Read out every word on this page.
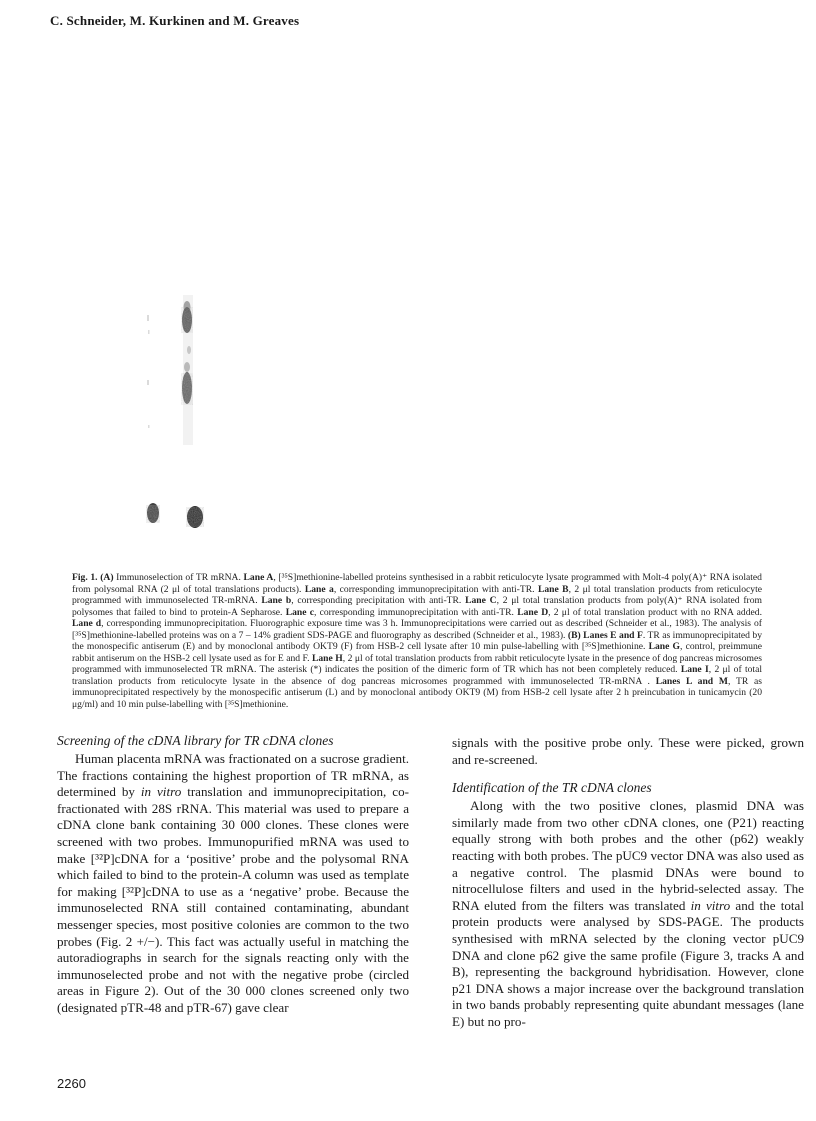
C. Schneider, M. Kurkinen and M. Greaves

Fig. 1. (A) Immunoselection of TR mRNA. Lane A, [³⁵S]methionine-labelled proteins synthesised in a rabbit reticulocyte lysate programmed with Molt-4 poly(A)⁺ RNA isolated from polysomal RNA (2 μl of total translations products). Lane a, corresponding immunoprecipitation with anti-TR. Lane B, 2 μl total translation products from reticulocyte programmed with immunoselected TR-mRNA. Lane b, corresponding precipitation with anti-TR. Lane C, 2 μl total translation products from poly(A)⁺ RNA isolated from polysomes that failed to bind to protein-A Sepharose. Lane c, corresponding immunoprecipitation with anti-TR. Lane D, 2 μl of total translation product with no RNA added. Lane d, corresponding immunoprecipitation. Fluorographic exposure time was 3 h. Immunoprecipitations were carried out as described (Schneider et al., 1983). The analysis of [³⁵S]methionine-labelled proteins was on a 7 – 14% gradient SDS-PAGE and fluorography as described (Schneider et al., 1983). (B) Lanes E and F. TR as immunoprecipitated by the monospecific antiserum (E) and by monoclonal antibody OKT9 (F) from HSB-2 cell lysate after 10 min pulse-labelling with [³⁵S]methionine. Lane G, control, preimmune rabbit antiserum on the HSB-2 cell lysate used as for E and F. Lane H, 2 μl of total translation products from rabbit reticulocyte lysate in the presence of dog pancreas microsomes programmed with immunoselected TR mRNA. The asterisk (*) indicates the position of the dimeric form of TR which has not been completely reduced. Lane I, 2 μl of total translation products from reticulocyte lysate in the absence of dog pancreas microsomes programmed with immunoselected TR-mRNA . Lanes L and M, TR as immunoprecipitated respectively by the monospecific antiserum (L) and by monoclonal antibody OKT9 (M) from HSB-2 cell lysate after 2 h preincubation in tunicamycin (20 μg/ml) and 10 min pulse-labelling with [³⁵S]methionine.

Screening of the cDNA library for TR cDNA clones

Human placenta mRNA was fractionated on a sucrose gradient. The fractions containing the highest proportion of TR mRNA, as determined by in vitro translation and immunoprecipitation, co-fractionated with 28S rRNA. This material was used to prepare a cDNA clone bank containing 30 000 clones. These clones were screened with two probes. Immunopurified mRNA was used to make [³²P]cDNA for a ‘positive’ probe and the polysomal RNA which failed to bind to the protein-A column was used as template for making [³²P]cDNA to use as a ‘negative’ probe. Because the immunoselected RNA still contained contaminating, abundant messenger species, most positive colonies are common to the two probes (Fig. 2 +/−). This fact was actually useful in matching the autoradiographs in search for the signals reacting only with the immunoselected probe and not with the negative probe (circled areas in Figure 2). Out of the 30 000 clones screened only two (designated pTR-48 and pTR-67) gave clear

signals with the positive probe only. These were picked, grown and re-screened.

Identification of the TR cDNA clones

Along with the two positive clones, plasmid DNA was similarly made from two other cDNA clones, one (P21) reacting equally strong with both probes and the other (p62) weakly reacting with both probes. The pUC9 vector DNA was also used as a negative control. The plasmid DNAs were bound to nitrocellulose filters and used in the hybrid-selected assay. The RNA eluted from the filters was translated in vitro and the total protein products were analysed by SDS-PAGE. The products synthesised with mRNA selected by the cloning vector pUC9 DNA and clone p62 give the same profile (Figure 3, tracks A and B), representing the background hybridisation. However, clone p21 DNA shows a major increase over the background translation in two bands probably representing quite abundant messages (lane E) but no pro-

2260
